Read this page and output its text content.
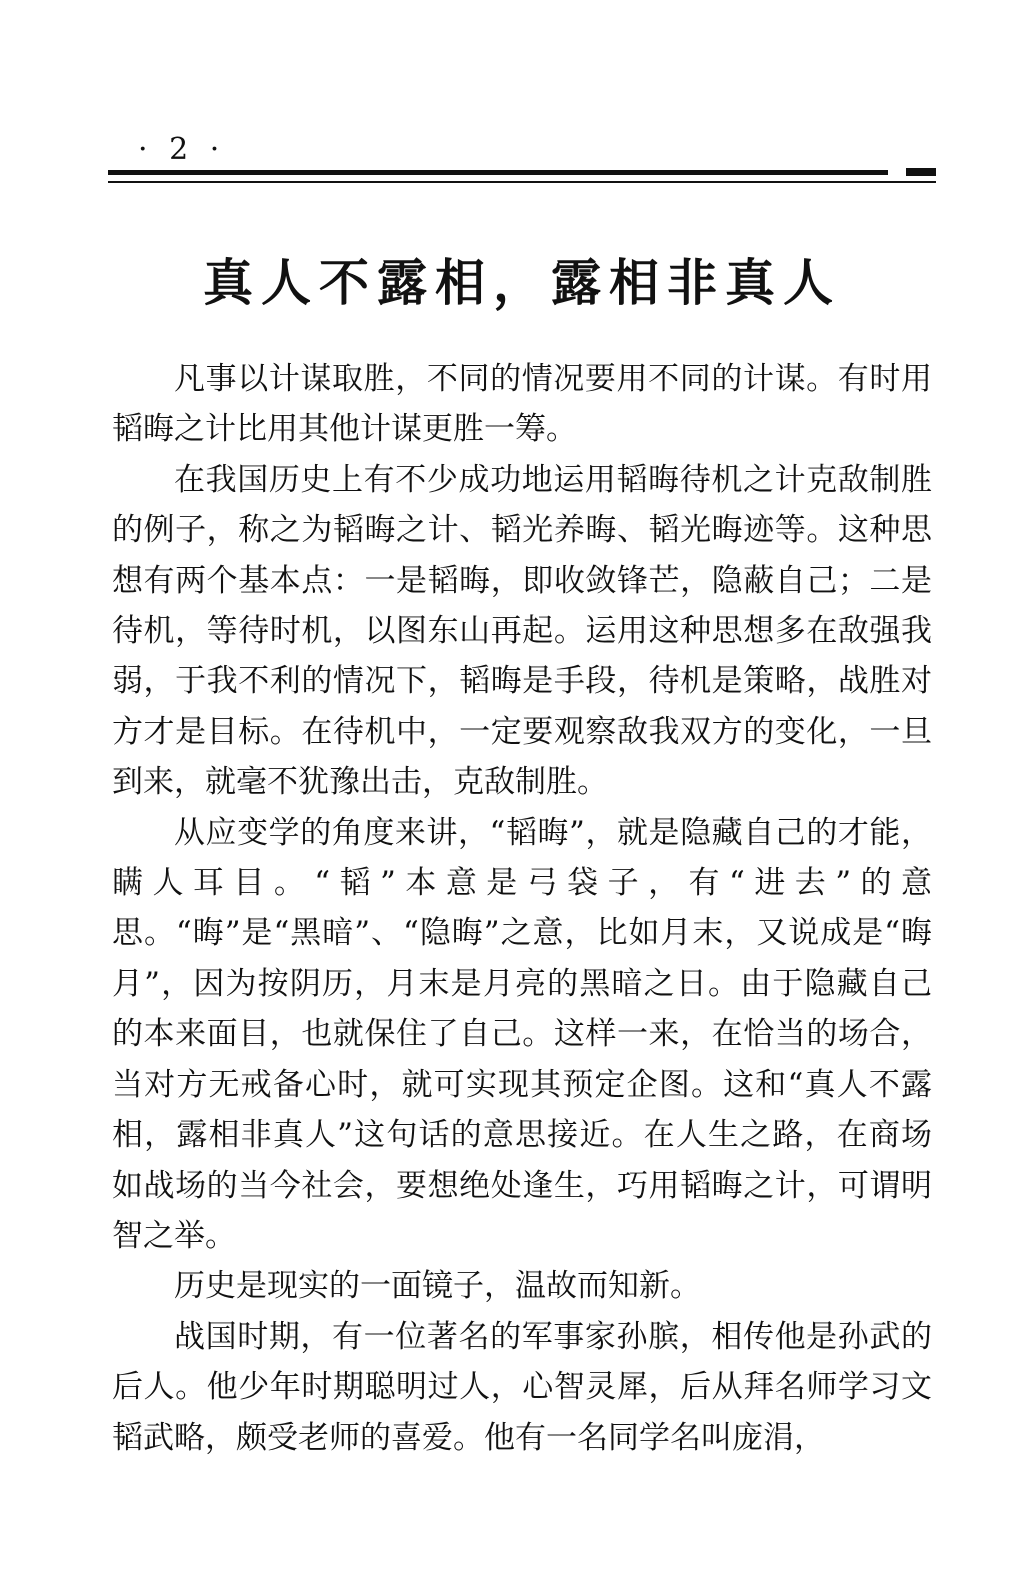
· 2 ·
真人不露相，露相非真人

凡事以计谋取胜，不同的情况要用不同的计谋。有时用韬晦之计比用其他计谋更胜一筹。

在我国历史上有不少成功地运用韬晦待机之计克敌制胜的例子，称之为韬晦之计、韬光养晦、韬光晦迹等。这种思想有两个基本点：一是韬晦，即收敛锋芒，隐蔽自己；二是待机，等待时机，以图东山再起。运用这种思想多在敌强我弱，于我不利的情况下，韬晦是手段，待机是策略，战胜对方才是目标。在待机中，一定要观察敌我双方的变化，一旦到来，就毫不犹豫出击，克敌制胜。

从应变学的角度来讲，“韬晦”，就是隐藏自己的才能，瞒人耳目。“韬”本意是弓袋子，有“进去”的意思。“晦”是“黑暗”、“隐晦”之意，比如月末，又说成是“晦月”，因为按阴历，月末是月亮的黑暗之日。由于隐藏自己的本来面目，也就保住了自己。这样一来，在恰当的场合，当对方无戒备心时，就可实现其预定企图。这和“真人不露相，露相非真人”这句话的意思接近。在人生之路，在商场如战场的当今社会，要想绝处逢生，巧用韬晦之计，可谓明智之举。

历史是现实的一面镜子，温故而知新。

战国时期，有一位著名的军事家孙膑，相传他是孙武的后人。他少年时期聪明过人，心智灵犀，后从拜名师学习文韬武略，颇受老师的喜爱。他有一名同学名叫庞涓，
